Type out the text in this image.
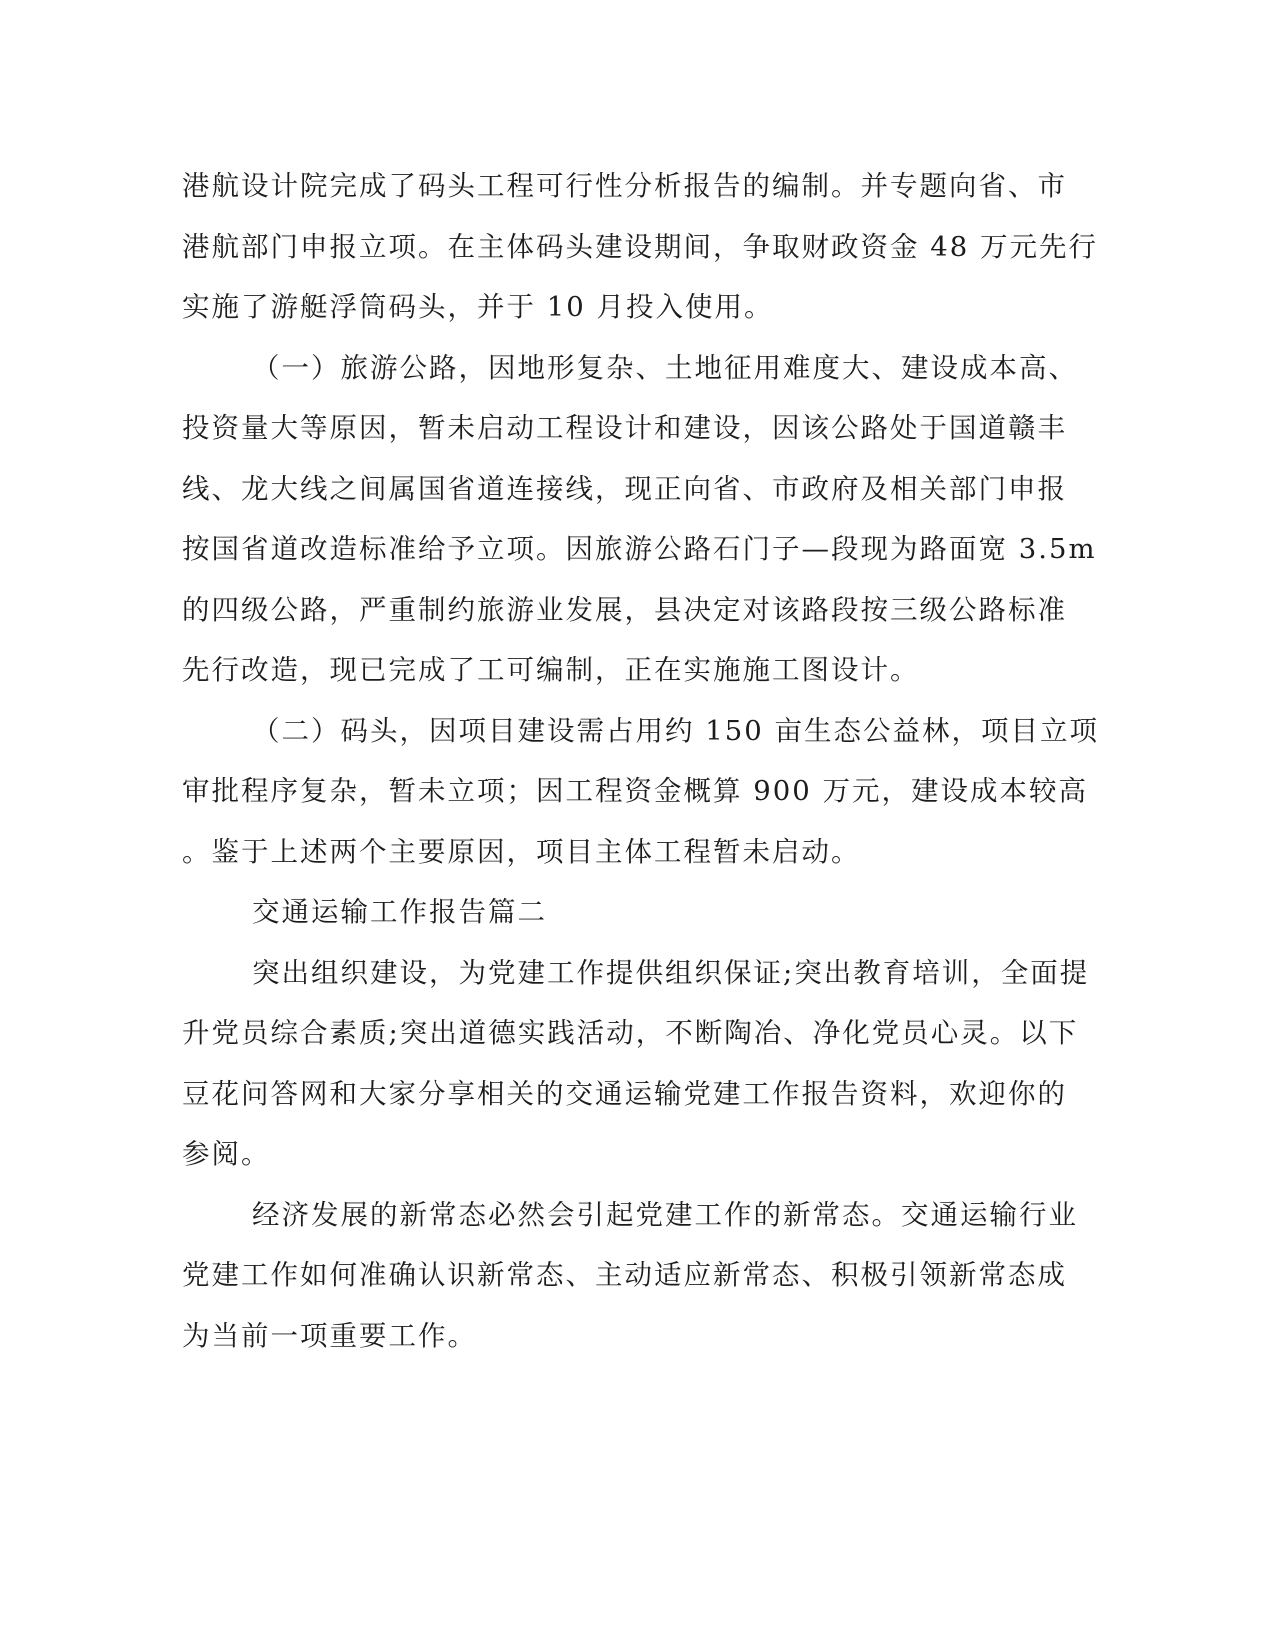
港航设计院完成了码头工程可行性分析报告的编制。并专题向省、市
港航部门申报立项。在主体码头建设期间，争取财政资金 48 万元先行
实施了游艇浮筒码头，并于 10 月投入使用。
（一）旅游公路，因地形复杂、土地征用难度大、建设成本高、
投资量大等原因，暂未启动工程设计和建设，因该公路处于国道赣丰
线、龙大线之间属国省道连接线，现正向省、市政府及相关部门申报
按国省道改造标准给予立项。因旅游公路石门子—段现为路面宽 3.5m
的四级公路，严重制约旅游业发展，县决定对该路段按三级公路标准
先行改造，现已完成了工可编制，正在实施施工图设计。
（二）码头，因项目建设需占用约 150 亩生态公益林，项目立项
审批程序复杂，暂未立项；因工程资金概算 900 万元，建设成本较高
。鉴于上述两个主要原因，项目主体工程暂未启动。
交通运输工作报告篇二
突出组织建设，为党建工作提供组织保证;突出教育培训，全面提
升党员综合素质;突出道德实践活动，不断陶冶、净化党员心灵。以下
豆花问答网和大家分享相关的交通运输党建工作报告资料，欢迎你的
参阅。
经济发展的新常态必然会引起党建工作的新常态。交通运输行业
党建工作如何准确认识新常态、主动适应新常态、积极引领新常态成
为当前一项重要工作。
